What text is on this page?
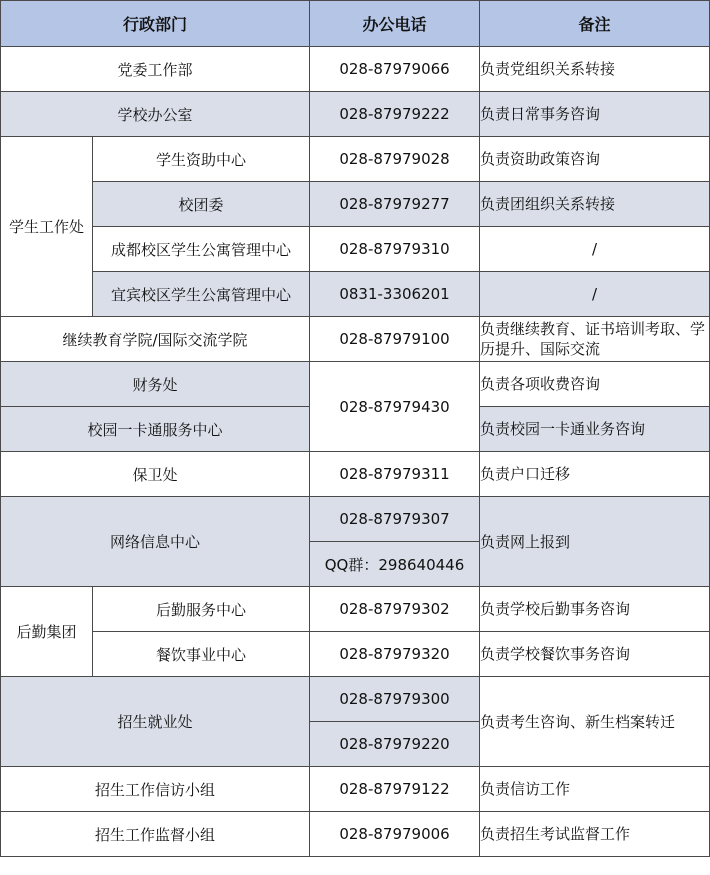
行政部门		办公电话	备注
党委工作部		028-87979066	负责党组织关系转接
学校办公室		028-87979222	负责日常事务咨询
学生工作处	学生资助中心	028-87979028	负责资助政策咨询
	校团委	028-87979277	负责团组织关系转接
	成都校区学生公寓管理中心	028-87979310	/
	宜宾校区学生公寓管理中心	0831-3306201	/
继续教育学院/国际交流学院		028-87979100	负责继续教育、证书培训考取、学历提升、国际交流
财务处		028-87979430	负责各项收费咨询
校园一卡通服务中心			负责校园一卡通业务咨询
保卫处		028-87979311	负责户口迁移
网络信息中心		028-87979307	负责网上报到
		QQ群：298640446	
后勤集团	后勤服务中心	028-87979302	负责学校后勤事务咨询
	餐饮事业中心	028-87979320	负责学校餐饮事务咨询
招生就业处		028-87979300	负责考生咨询、新生档案转迁
		028-87979220	
招生工作信访小组		028-87979122	负责信访工作
招生工作监督小组		028-87979006	负责招生考试监督工作
